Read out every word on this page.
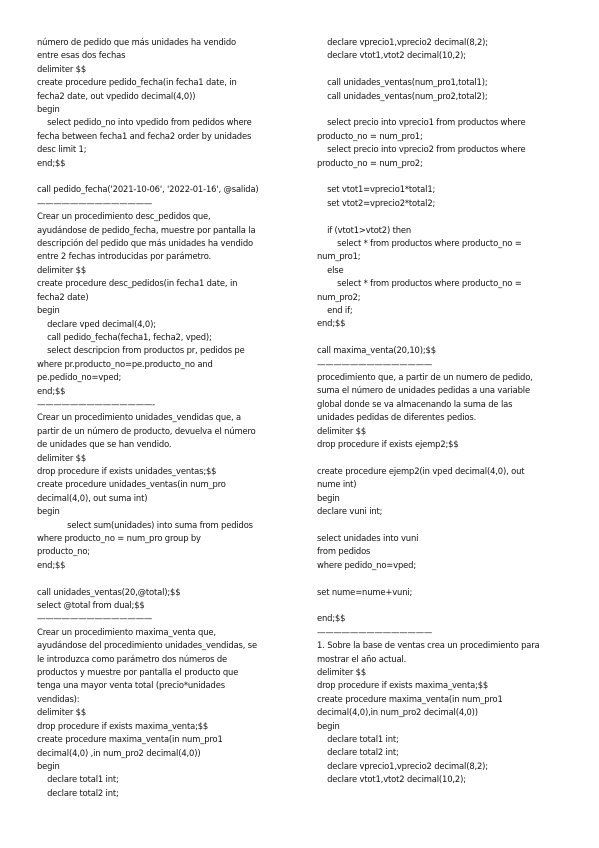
número de pedido que más unidades ha vendido
entre esas dos fechas
delimiter $$
create procedure pedido_fecha(in fecha1 date, in
fecha2 date, out vpedido decimal(4,0))
begin
select pedido_no into vpedido from pedidos where
fecha between fecha1 and fecha2 order by unidades
desc limit 1;
end;$$
call pedido_fecha('2021-10-06', '2022-01-16', @salida)
——————————————
Crear un procedimiento desc_pedidos que,
ayudándose de pedido_fecha, muestre por pantalla la
descripción del pedido que más unidades ha vendido
entre 2 fechas introducidas por parámetro.
delimiter $$
create procedure desc_pedidos(in fecha1 date, in
fecha2 date)
begin
declare vped decimal(4,0);
call pedido_fecha(fecha1, fecha2, vped);
select descripcion from productos pr, pedidos pe
where pr.producto_no=pe.producto_no and
pe.pedido_no=vped;
end;$$
——————————————-
Crear un procedimiento unidades_vendidas que, a
partir de un número de producto, devuelva el número
de unidades que se han vendido.
delimiter $$
drop procedure if exists unidades_ventas;$$
create procedure unidades_ventas(in num_pro
decimal(4,0), out suma int)
begin
select sum(unidades) into suma from pedidos
where producto_no = num_pro group by
producto_no;
end;$$
call unidades_ventas(20,@total);$$
select @total from dual;$$
——————————————
Crear un procedimiento maxima_venta que,
ayudándose del procedimiento unidades_vendidas, se
le introduzca como parámetro dos números de
productos y muestre por pantalla el producto que
tenga una mayor venta total (precio*unidades
vendidas):
delimiter $$
drop procedure if exists maxima_venta;$$
create procedure maxima_venta(in num_pro1
decimal(4,0) ,in num_pro2 decimal(4,0))
begin
declare total1 int;
declare total2 int;
declare vprecio1,vprecio2 decimal(8,2);
declare vtot1,vtot2 decimal(10,2);
call unidades_ventas(num_pro1,total1);
call unidades_ventas(num_pro2,total2);
select precio into vprecio1 from productos where
producto_no = num_pro1;
select precio into vprecio2 from productos where
producto_no = num_pro2;
set vtot1=vprecio1*total1;
set vtot2=vprecio2*total2;
if (vtot1>vtot2) then
select * from productos where producto_no =
num_pro1;
else
select * from productos where producto_no =
num_pro2;
end if;
end;$$
call maxima_venta(20,10);$$
——————————————
procedimiento que, a partir de un numero de pedido,
suma el número de unidades pedidas a una variable
global donde se va almacenando la suma de las
unidades pedidas de diferentes pedios.
delimiter $$
drop procedure if exists ejemp2;$$
create procedure ejemp2(in vped decimal(4,0), out
nume int)
begin
declare vuni int;
select unidades into vuni
from pedidos
where pedido_no=vped;
set nume=nume+vuni;
end;$$
——————————————
1. Sobre la base de ventas crea un procedimiento para
mostrar el año actual.
delimiter $$
drop procedure if exists maxima_venta;$$
create procedure maxima_venta(in num_pro1
decimal(4,0),in num_pro2 decimal(4,0))
begin
declare total1 int;
declare total2 int;
declare vprecio1,vprecio2 decimal(8,2);
declare vtot1,vtot2 decimal(10,2);
